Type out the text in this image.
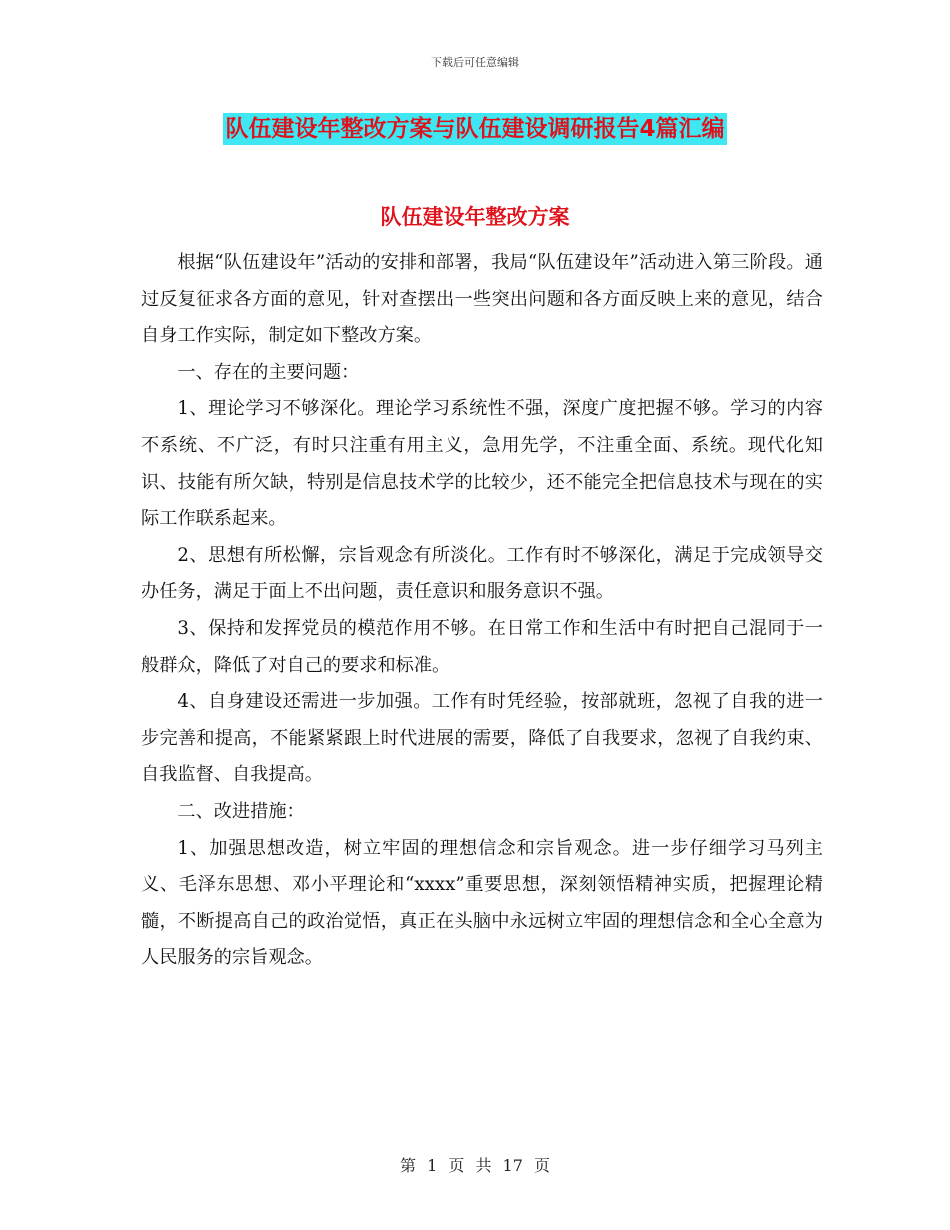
下载后可任意编辑
队伍建设年整改方案与队伍建设调研报告4篇汇编
队伍建设年整改方案

根据“队伍建设年”活动的安排和部署，我局“队伍建设年”活动进入第三阶段。通过反复征求各方面的意见，针对查摆出一些突出问题和各方面反映上来的意见，结合自身工作实际，制定如下整改方案。

一、存在的主要问题：

1、理论学习不够深化。理论学习系统性不强，深度广度把握不够。学习的内容不系统、不广泛，有时只注重有用主义，急用先学，不注重全面、系统。现代化知识、技能有所欠缺，特别是信息技术学的比较少，还不能完全把信息技术与现在的实际工作联系起来。

2、思想有所松懈，宗旨观念有所淡化。工作有时不够深化，满足于完成领导交办任务，满足于面上不出问题，责任意识和服务意识不强。

3、保持和发挥党员的模范作用不够。在日常工作和生活中有时把自己混同于一般群众，降低了对自己的要求和标准。

4、自身建设还需进一步加强。工作有时凭经验，按部就班，忽视了自我的进一步完善和提高，不能紧紧跟上时代进展的需要，降低了自我要求，忽视了自我约束、自我监督、自我提高。

二、改进措施：

1、加强思想改造，树立牢固的理想信念和宗旨观念。进一步仔细学习马列主义、毛泽东思想、邓小平理论和“xxxx”重要思想，深刻领悟精神实质，把握理论精髓，不断提高自己的政治觉悟，真正在头脑中永远树立牢固的理想信念和全心全意为人民服务的宗旨观念。

第 1 页 共 17 页
